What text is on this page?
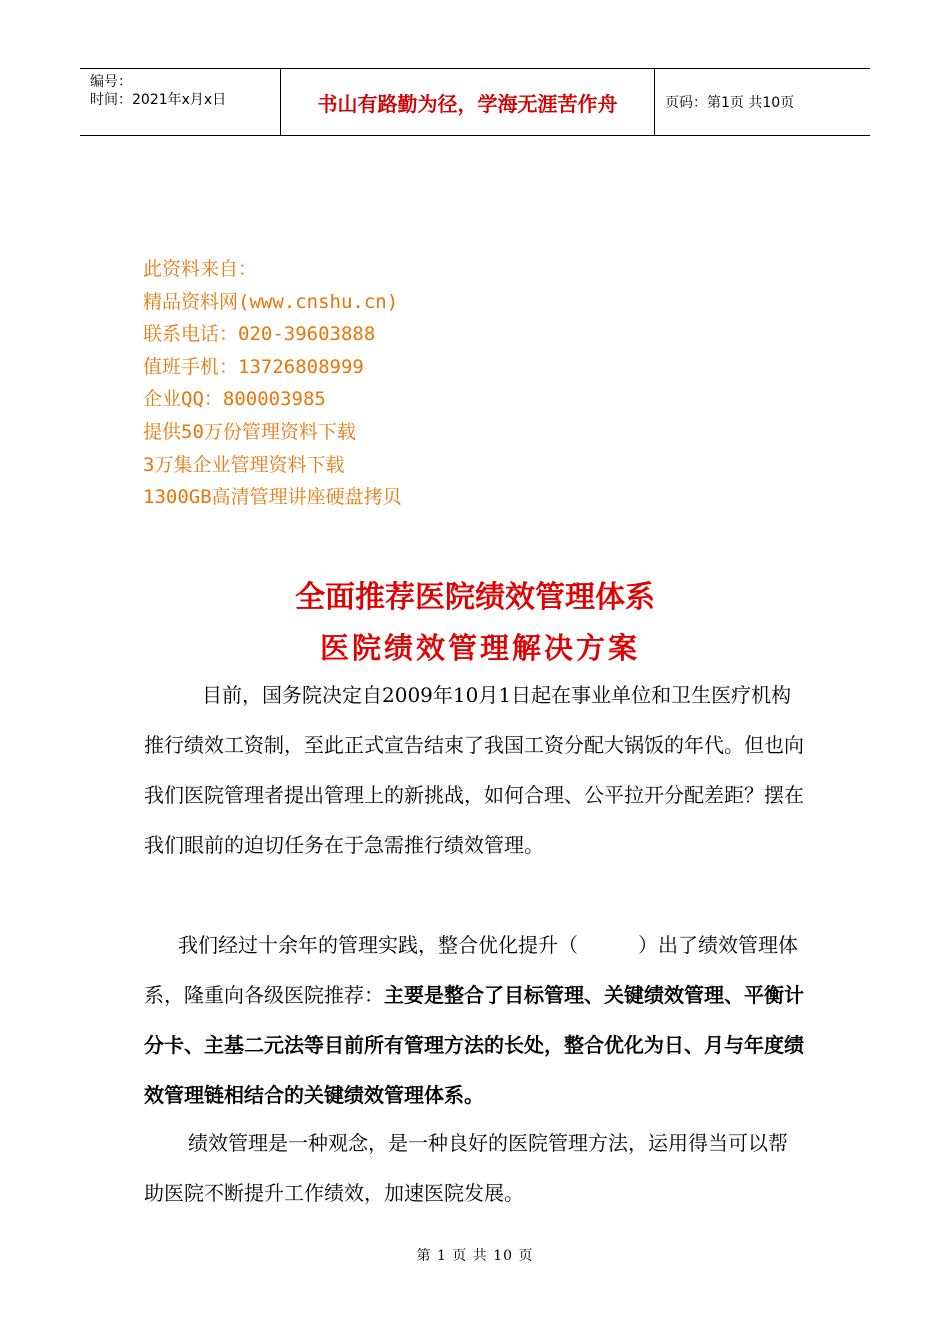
编号：
时间：2021年x月x日	书山有路勤为径，学海无涯苦作舟	页码：第1页 共10页
此资料来自：
精品资料网(www.cnshu.cn)
联系电话：020-39603888
值班手机：13726808999
企业QQ：800003985
提供50万份管理资料下载
3万集企业管理资料下载
1300GB高清管理讲座硬盘拷贝
全面推荐医院绩效管理体系
医院绩效管理解决方案

目前，国务院决定自2009年10月1日起在事业单位和卫生医疗机构推行绩效工资制，至此正式宣告结束了我国工资分配大锅饭的年代。但也向我们医院管理者提出管理上的新挑战，如何合理、公平拉开分配差距？摆在我们眼前的迫切任务在于急需推行绩效管理。

我们经过十余年的管理实践，整合优化提升（　　　）出了绩效管理体系，隆重向各级医院推荐：主要是整合了目标管理、关键绩效管理、平衡计分卡、主基二元法等目前所有管理方法的长处，整合优化为日、月与年度绩效管理链相结合的关键绩效管理体系。

绩效管理是一种观念，是一种良好的医院管理方法，运用得当可以帮助医院不断提升工作绩效，加速医院发展。

第 1 页 共 10 页
